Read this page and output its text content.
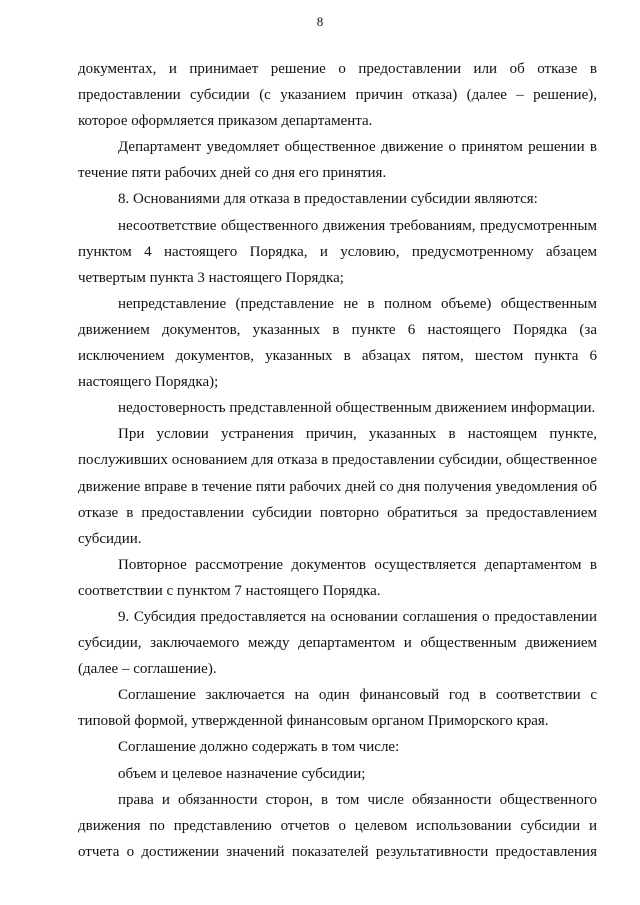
8

документах, и принимает решение о предоставлении или об отказе в предоставлении субсидии (с указанием причин отказа) (далее – решение), которое оформляется приказом департамента.

Департамент уведомляет общественное движение о принятом решении в течение пяти рабочих дней со дня его принятия.

8. Основаниями для отказа в предоставлении субсидии являются:

несоответствие общественного движения требованиям, предусмотренным пунктом 4 настоящего Порядка, и условию, предусмотренному абзацем четвертым пункта 3 настоящего Порядка;

непредставление (представление не в полном объеме) общественным движением документов, указанных в пункте 6 настоящего Порядка (за исключением документов, указанных в абзацах пятом, шестом пункта 6 настоящего Порядка);

недостоверность представленной общественным движением информации.

При условии устранения причин, указанных в настоящем пункте, послуживших основанием для отказа в предоставлении субсидии, общественное движение вправе в течение пяти рабочих дней со дня получения уведомления об отказе в предоставлении субсидии повторно обратиться за предоставлением субсидии.

Повторное рассмотрение документов осуществляется департаментом в соответствии с пунктом 7 настоящего Порядка.

9. Субсидия предоставляется на основании соглашения о предоставлении субсидии, заключаемого между департаментом и общественным движением (далее – соглашение).

Соглашение заключается на один финансовый год в соответствии с типовой формой, утвержденной финансовым органом Приморского края.

Соглашение должно содержать в том числе:

объем и целевое назначение субсидии;

права и обязанности сторон, в том числе обязанности общественного движения по представлению отчетов о целевом использовании субсидии и отчета о достижении значений показателей результативности предоставления
